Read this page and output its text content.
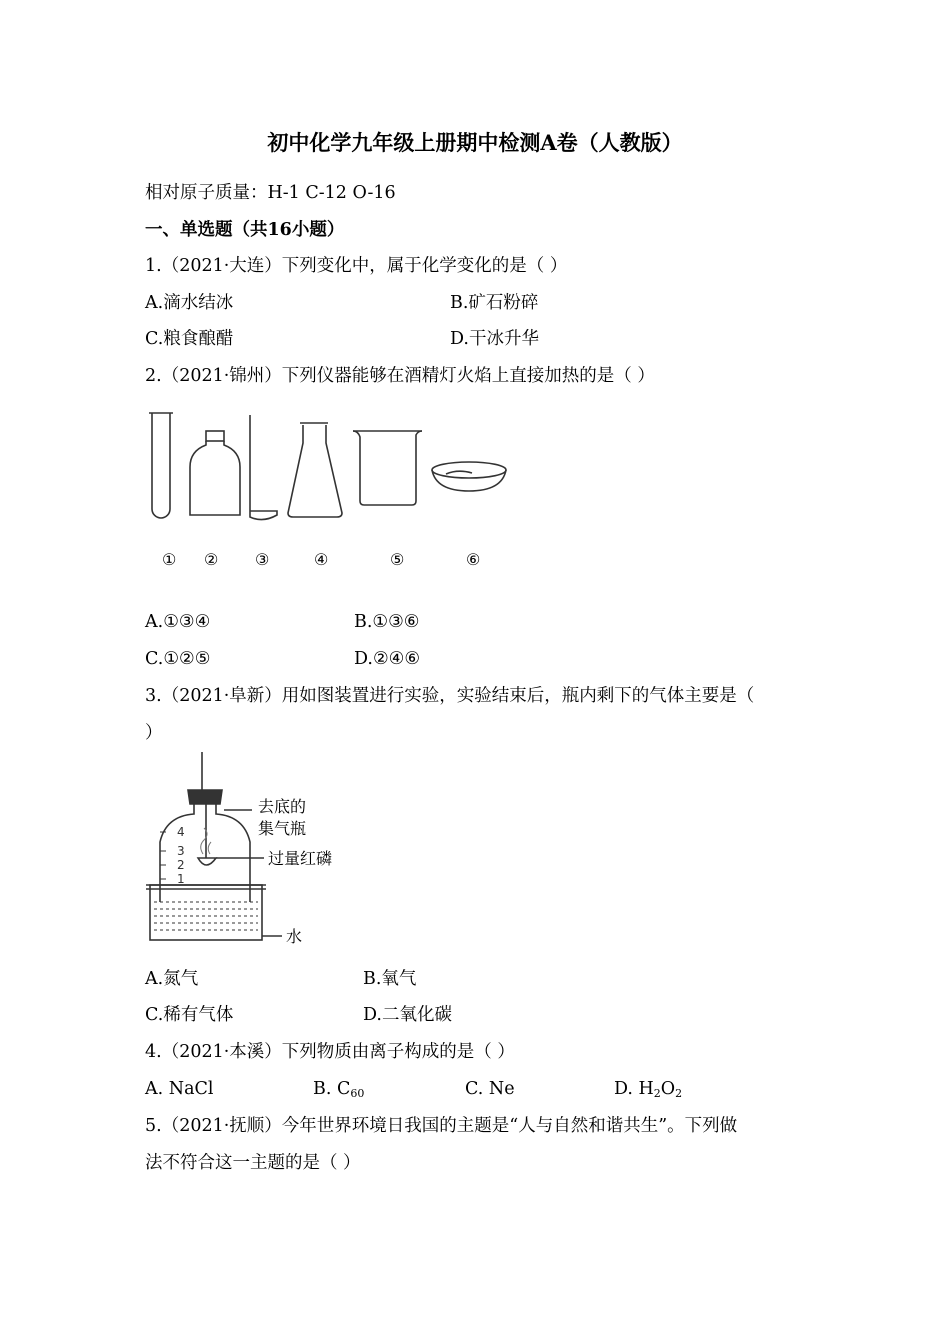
初中化学九年级上册期中检测A卷（人教版）
相对原子质量：H-1 C-12 O-16
一、单选题（共16小题）
1.（2021·大连）下列变化中，属于化学变化的是（ ）
A.滴水结冰	B.矿石粉碎
C.粮食酿醋	D.干冰升华
2.（2021·锦州）下列仪器能够在酒精灯火焰上直接加热的是（ ）
① ② ③	④	⑤	⑥
A.①③④	B.①③⑥
C.①②⑤	D.②④⑥
3.（2021·阜新）用如图装置进行实验，实验结束后，瓶内剩下的气体主要是（
）
4
3
2
1
去底的
集气瓶
过量红磷
水
A.氮气	B.氧气
C.稀有气体	D.二氧化碳
4.（2021·本溪）下列物质由离子构成的是（ ）
A. NaCl	B. $C_{60}$	C. Ne	D. $H_2O_2$
5.（2021·抚顺）今年世界环境日我国的主题是“人与自然和谐共生”。下列做
法不符合这一主题的是（ ）
